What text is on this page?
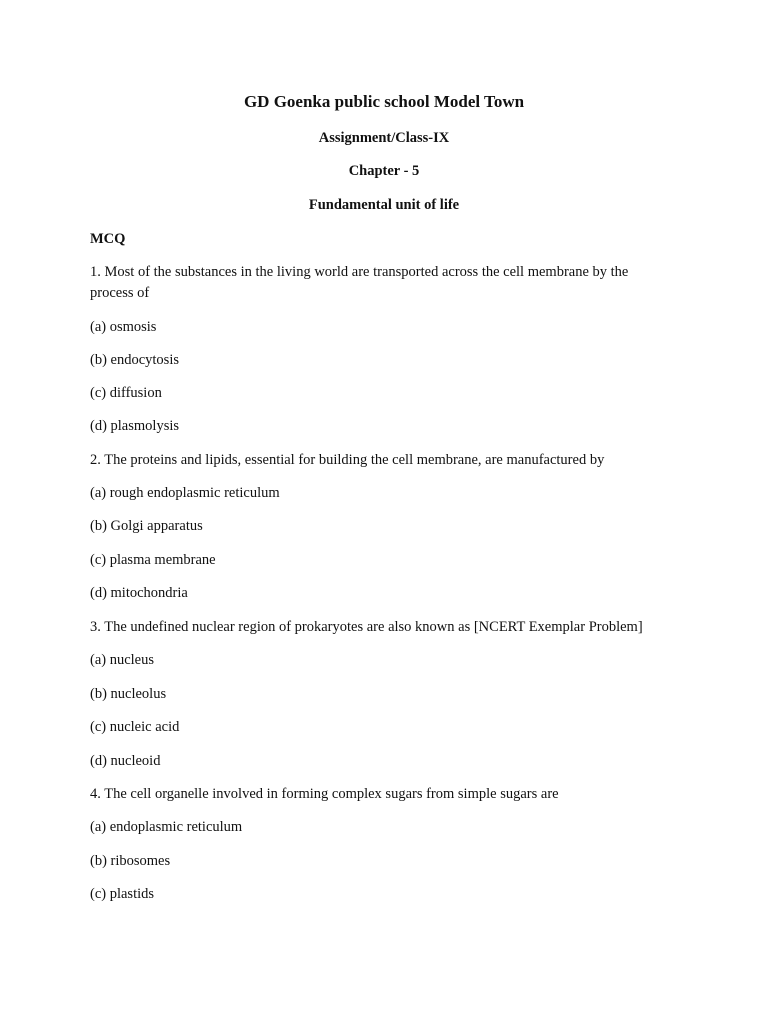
GD Goenka public school Model Town
Assignment/Class-IX
Chapter - 5
Fundamental unit of life
MCQ
1. Most of the substances in the living world are transported across the cell membrane by the process of
(a) osmosis
(b) endocytosis
(c) diffusion
(d) plasmolysis
2. The proteins and lipids, essential for building the cell membrane, are manufactured by
(a) rough endoplasmic reticulum
(b) Golgi apparatus
(c) plasma membrane
(d) mitochondria
3. The undefined nuclear region of prokaryotes are also known as [NCERT Exemplar Problem]
(a) nucleus
(b) nucleolus
(c) nucleic acid
(d) nucleoid
4. The cell organelle involved in forming complex sugars from simple sugars are
(a) endoplasmic reticulum
(b) ribosomes
(c) plastids
